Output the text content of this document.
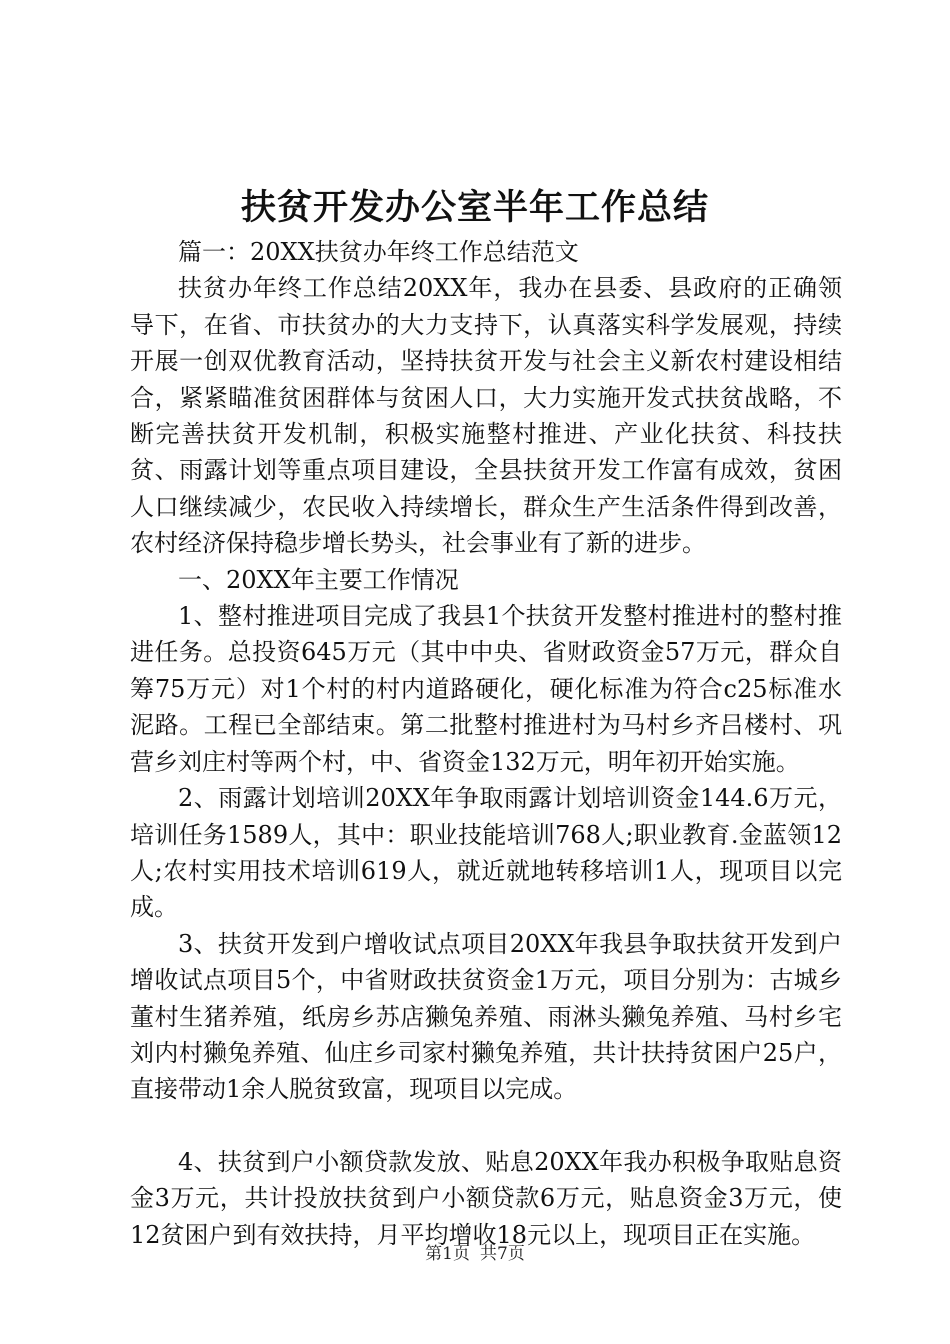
扶贫开发办公室半年工作总结

篇一：20XX扶贫办年终工作总结范文

扶贫办年终工作总结20XX年，我办在县委、县政府的正确领导下，在省、市扶贫办的大力支持下，认真落实科学发展观，持续开展一创双优教育活动，坚持扶贫开发与社会主义新农村建设相结合，紧紧瞄准贫困群体与贫困人口，大力实施开发式扶贫战略，不断完善扶贫开发机制，积极实施整村推进、产业化扶贫、科技扶贫、雨露计划等重点项目建设，全县扶贫开发工作富有成效，贫困人口继续减少，农民收入持续增长，群众生产生活条件得到改善，农村经济保持稳步增长势头，社会事业有了新的进步。

一、20XX年主要工作情况

1、整村推进项目完成了我县1个扶贫开发整村推进村的整村推进任务。总投资645万元（其中中央、省财政资金57万元，群众自筹75万元）对1个村的村内道路硬化，硬化标准为符合c25标准水泥路。工程已全部结束。第二批整村推进村为马村乡齐吕楼村、巩营乡刘庄村等两个村，中、省资金132万元，明年初开始实施。

2、雨露计划培训20XX年争取雨露计划培训资金144.6万元，培训任务1589人，其中：职业技能培训768人;职业教育.金蓝领12人;农村实用技术培训619人，就近就地转移培训1人，现项目以完成。

3、扶贫开发到户增收试点项目20XX年我县争取扶贫开发到户增收试点项目5个，中省财政扶贫资金1万元，项目分别为：古城乡董村生猪养殖，纸房乡苏店獭兔养殖、雨淋头獭兔养殖、马村乡宅刘内村獭兔养殖、仙庄乡司家村獭兔养殖，共计扶持贫困户25户，直接带动1余人脱贫致富，现项目以完成。

4、扶贫到户小额贷款发放、贴息20XX年我办积极争取贴息资金3万元，共计投放扶贫到户小额贷款6万元，贴息资金3万元，使12贫困户到有效扶持，月平均增收18元以上，现项目正在实施。

第1页 共7页
